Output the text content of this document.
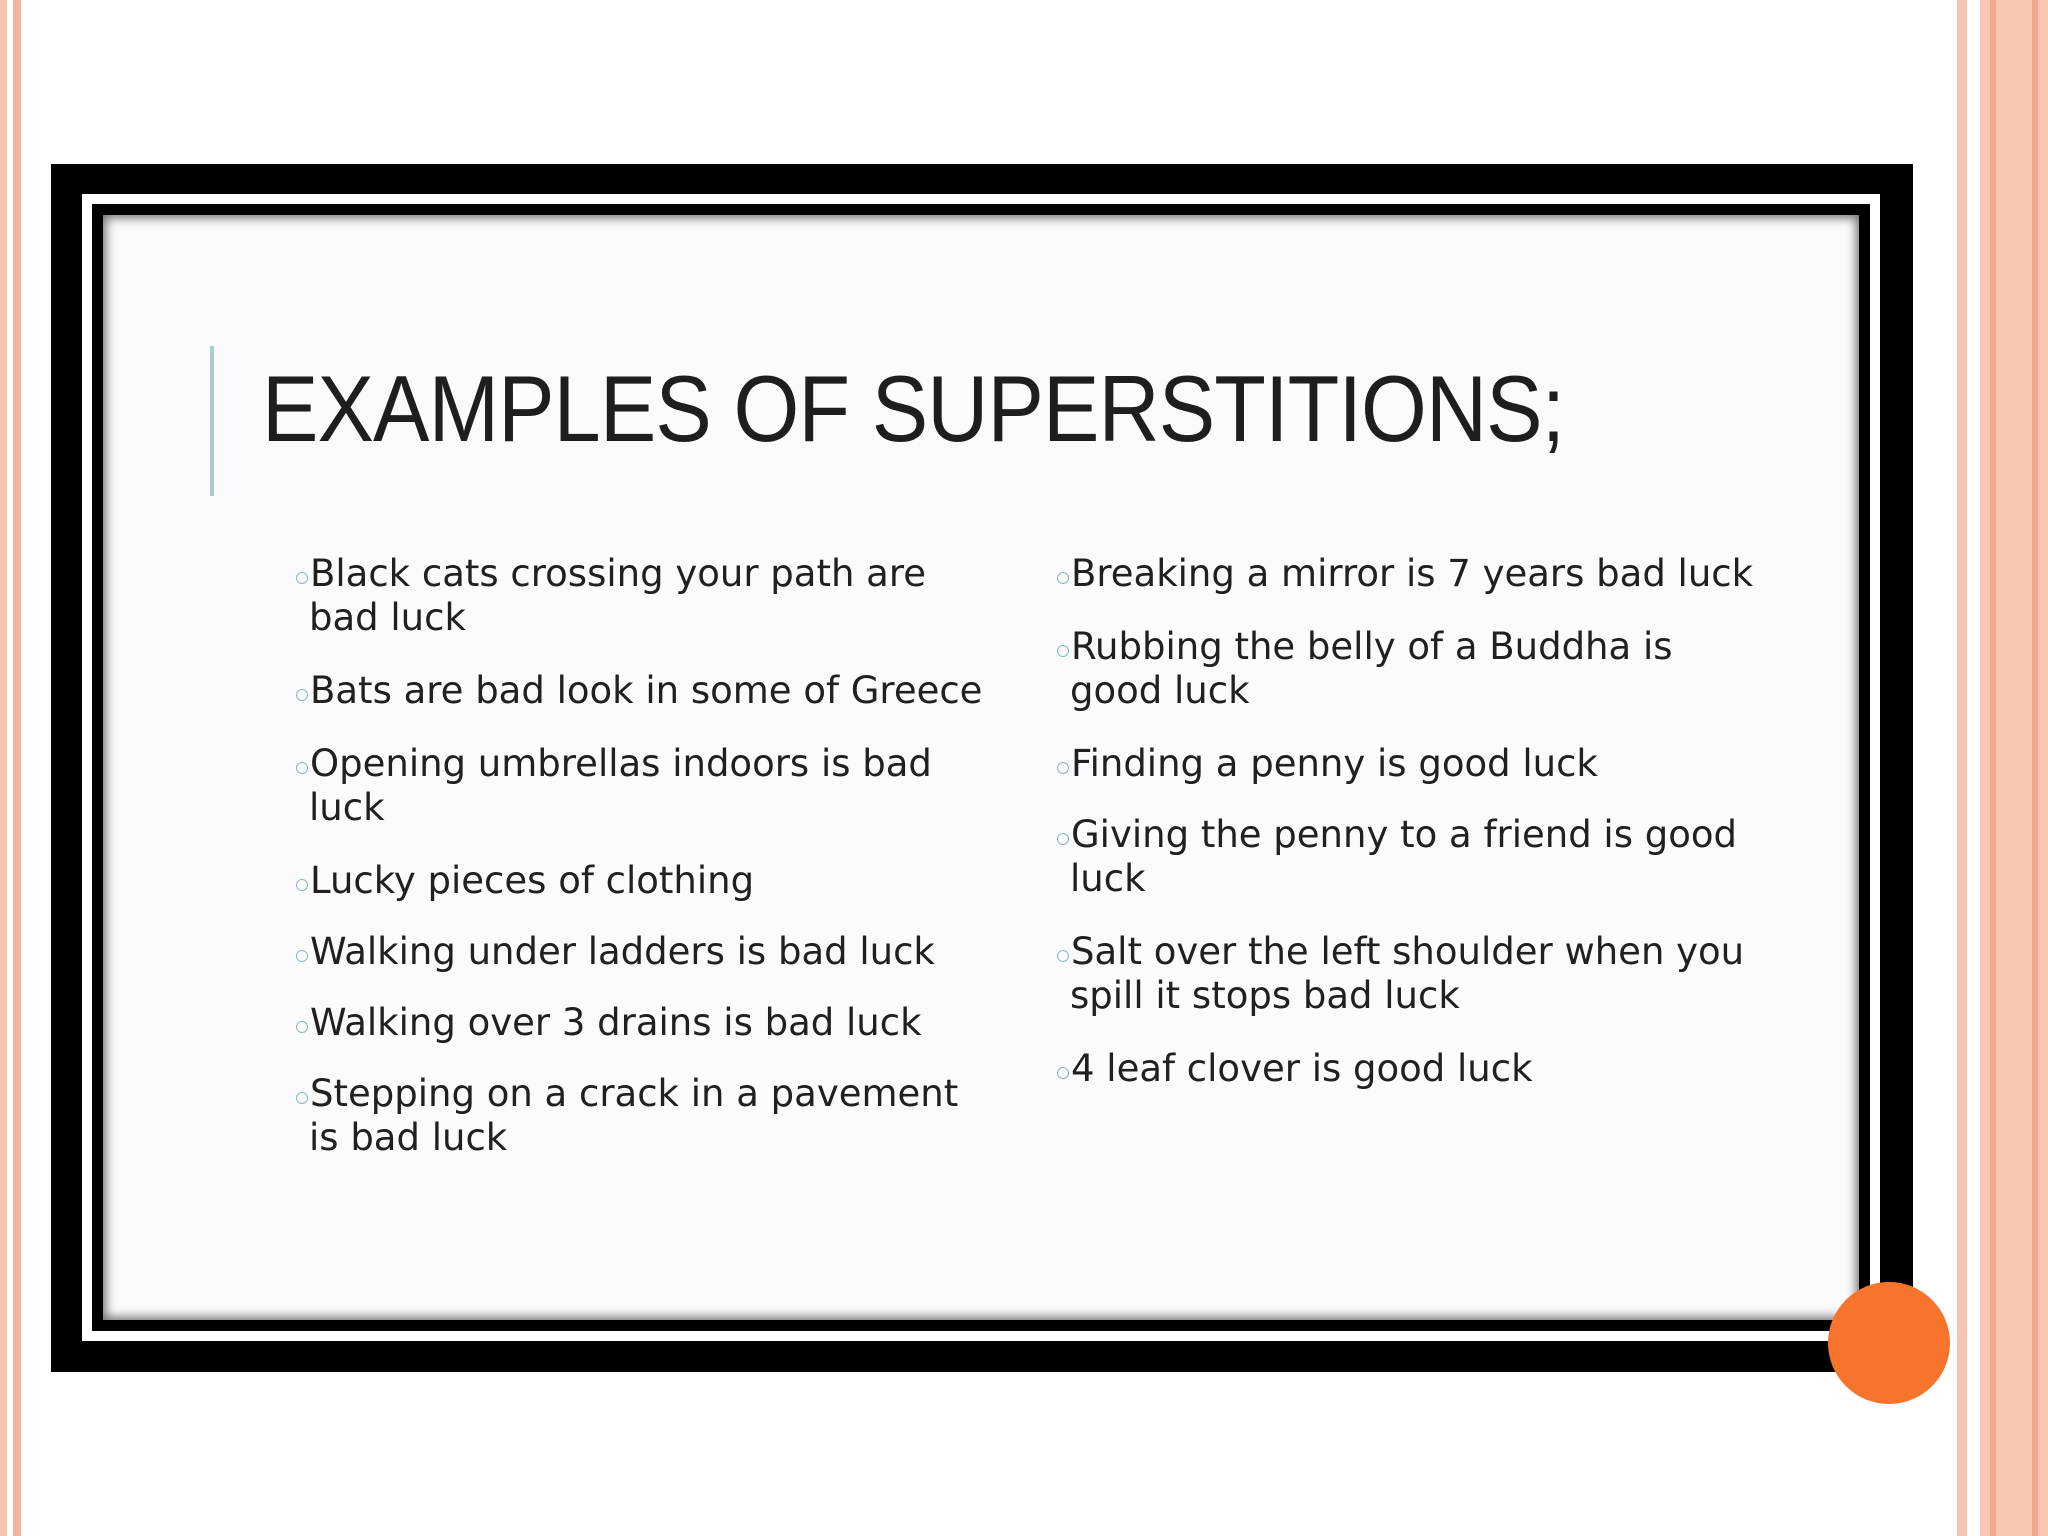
EXAMPLES OF SUPERSTITIONS;
Black cats crossing your path are bad luck
Bats are bad look in some of Greece
Opening umbrellas indoors is bad luck
Lucky pieces of clothing
Walking under ladders is bad luck
Walking over 3 drains is bad luck
Stepping on a crack in a pavement is bad luck
Breaking a mirror is 7 years bad luck
Rubbing the belly of a Buddha is good luck
Finding a penny is good luck
Giving the penny to a friend is good luck
Salt over the left shoulder when you spill it stops bad luck
4 leaf clover is good luck
